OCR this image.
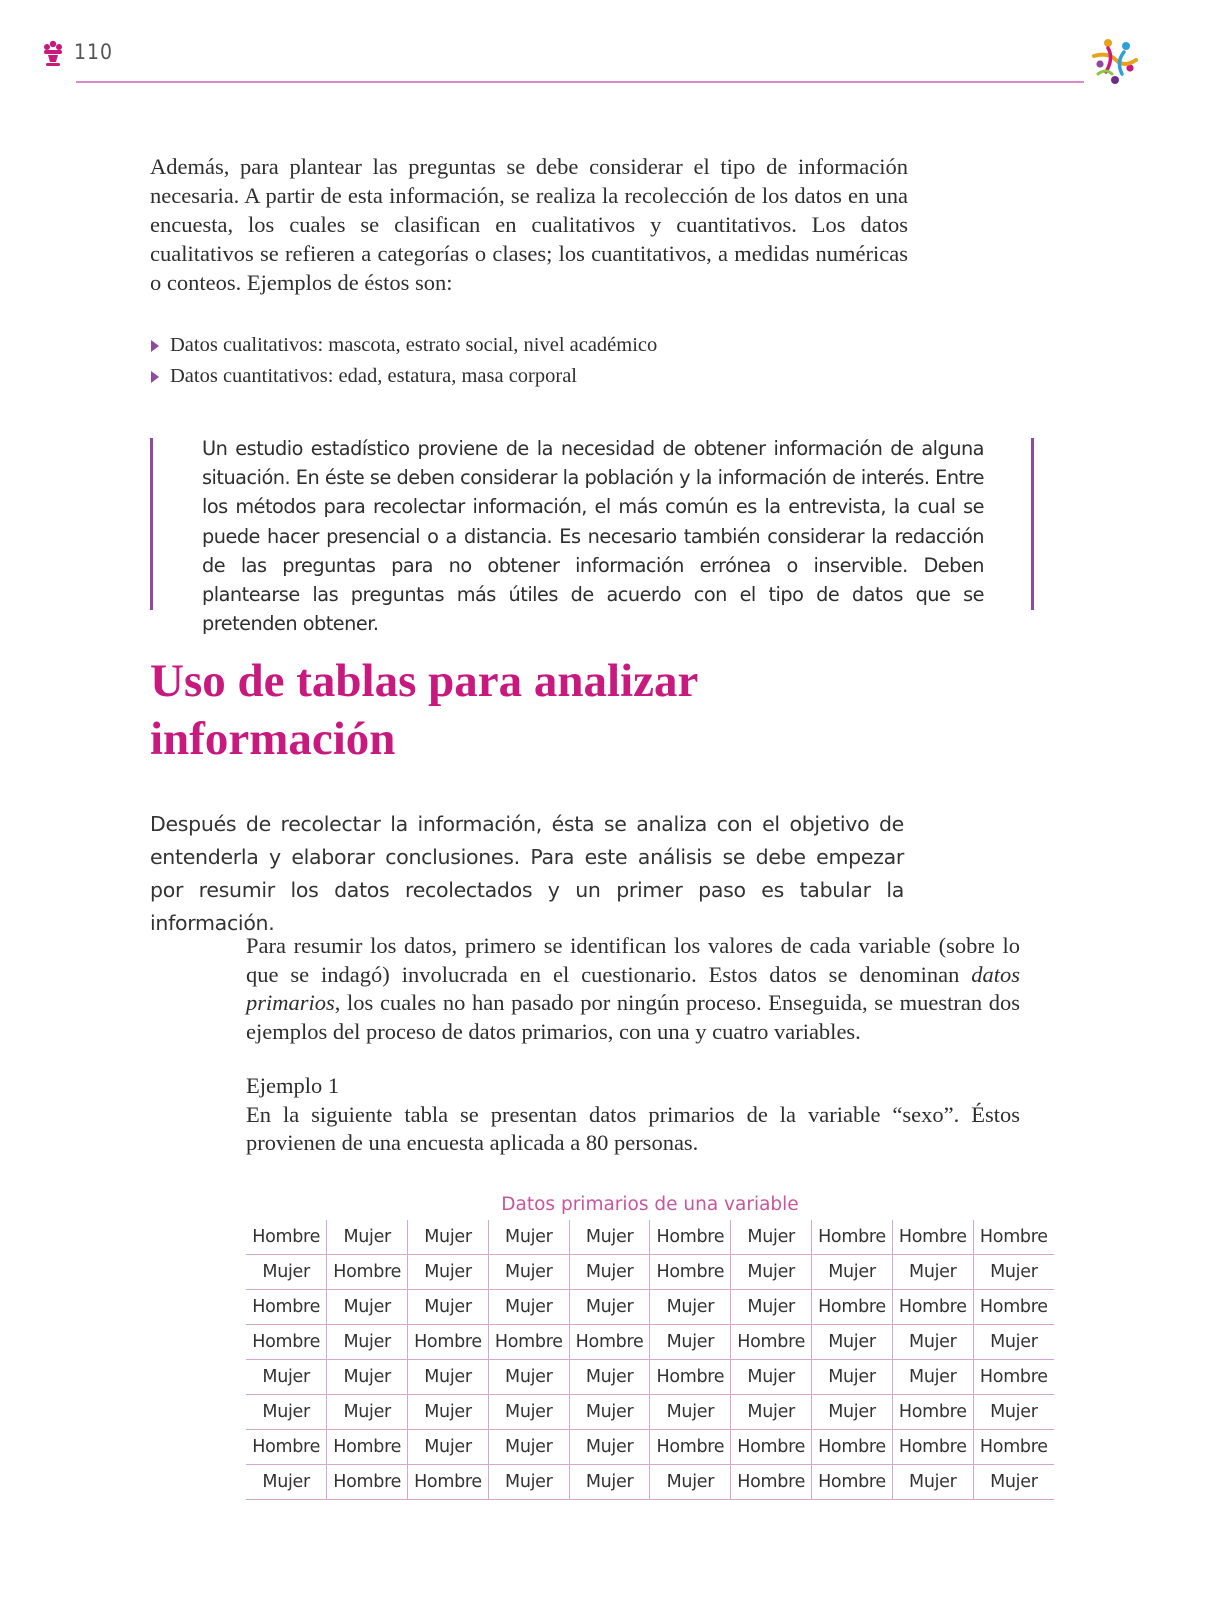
110

Además, para plantear las preguntas se debe considerar el tipo de información necesaria. A partir de esta información, se realiza la recolección de los datos en una encuesta, los cuales se clasifican en cualitativos y cuantitativos. Los datos cualitativos se refieren a categorías o clases; los cuantitativos, a medidas numéricas o conteos. Ejemplos de éstos son:

Datos cualitativos: mascota, estrato social, nivel académico
Datos cuantitativos: edad, estatura, masa corporal

Un estudio estadístico proviene de la necesidad de obtener información de alguna situación. En éste se deben considerar la población y la información de interés. Entre los métodos para recolectar información, el más común es la entrevista, la cual se puede hacer presencial o a distancia. Es necesario también considerar la redacción de las preguntas para no obtener información errónea o inservible. Deben plantearse las preguntas más útiles de acuerdo con el tipo de datos que se pretenden obtener.

Uso de tablas para analizar
información

Después de recolectar la información, ésta se analiza con el objetivo de entenderla y elaborar conclusiones. Para este análisis se debe empezar por resumir los datos recolectados y un primer paso es tabular la información.

Para resumir los datos, primero se identifican los valores de cada variable (sobre lo que se indagó) involucrada en el cuestionario. Estos datos se denominan datos primarios, los cuales no han pasado por ningún proceso. Enseguida, se muestran dos ejemplos del proceso de datos primarios, con una y cuatro variables.

Ejemplo 1

En la siguiente tabla se presentan datos primarios de la variable “sexo”. Éstos provienen de una encuesta aplicada a 80 personas.

Datos primarios de una variable
Hombre	Mujer	Mujer	Mujer	Mujer	Hombre	Mujer	Hombre	Hombre	Hombre
Mujer	Hombre	Mujer	Mujer	Mujer	Hombre	Mujer	Mujer	Mujer	Mujer
Hombre	Mujer	Mujer	Mujer	Mujer	Mujer	Mujer	Hombre	Hombre	Hombre
Hombre	Mujer	Hombre	Hombre	Hombre	Mujer	Hombre	Mujer	Mujer	Mujer
Mujer	Mujer	Mujer	Mujer	Mujer	Hombre	Mujer	Mujer	Mujer	Hombre
Mujer	Mujer	Mujer	Mujer	Mujer	Mujer	Mujer	Mujer	Hombre	Mujer
Hombre	Hombre	Mujer	Mujer	Mujer	Hombre	Hombre	Hombre	Hombre	Hombre
Mujer	Hombre	Hombre	Mujer	Mujer	Mujer	Hombre	Hombre	Mujer	Mujer
